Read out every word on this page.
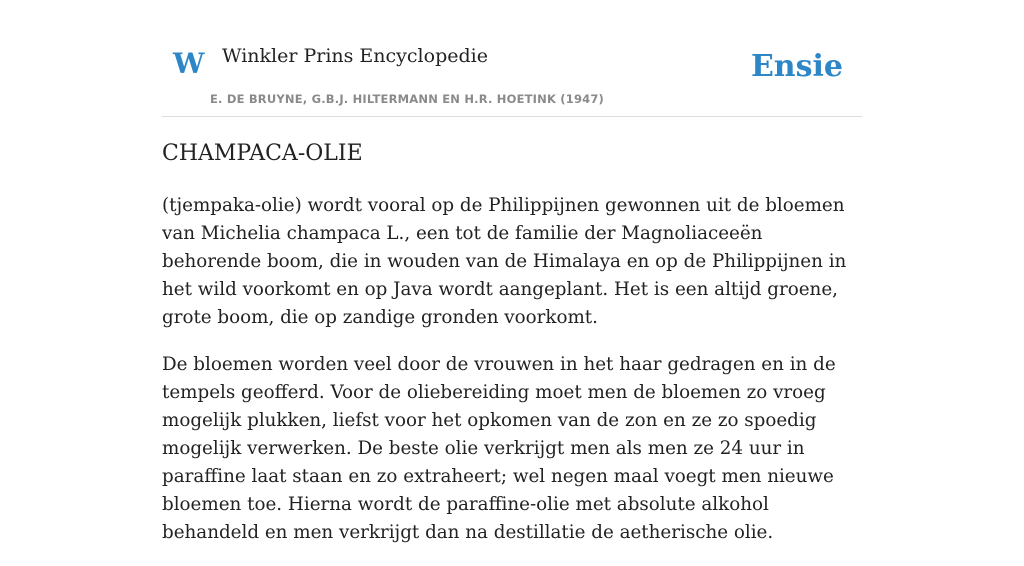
W Winkler Prins Encyclopedie
E. DE BRUYNE, G.B.J. HILTERMANN EN H.R. HOETINK (1947)
Ensie
CHAMPACA-OLIE

(tjempaka-olie) wordt vooral op de Philippijnen gewonnen uit de bloemen van Michelia champaca L., een tot de familie der Magnoliaceeën behorende boom, die in wouden van de Himalaya en op de Philippijnen in het wild voorkomt en op Java wordt aangeplant. Het is een altijd groene, grote boom, die op zandige gronden voorkomt.

De bloemen worden veel door de vrouwen in het haar gedragen en in de tempels geofferd. Voor de oliebereiding moet men de bloemen zo vroeg mogelijk plukken, liefst voor het opkomen van de zon en ze zo spoedig mogelijk verwerken. De beste olie verkrijgt men als men ze 24 uur in paraffine laat staan en zo extraheert; wel negen maal voegt men nieuwe bloemen toe. Hierna wordt de paraffine-olie met absolute alkohol behandeld en men verkrijgt dan na destillatie de aetherische olie.
